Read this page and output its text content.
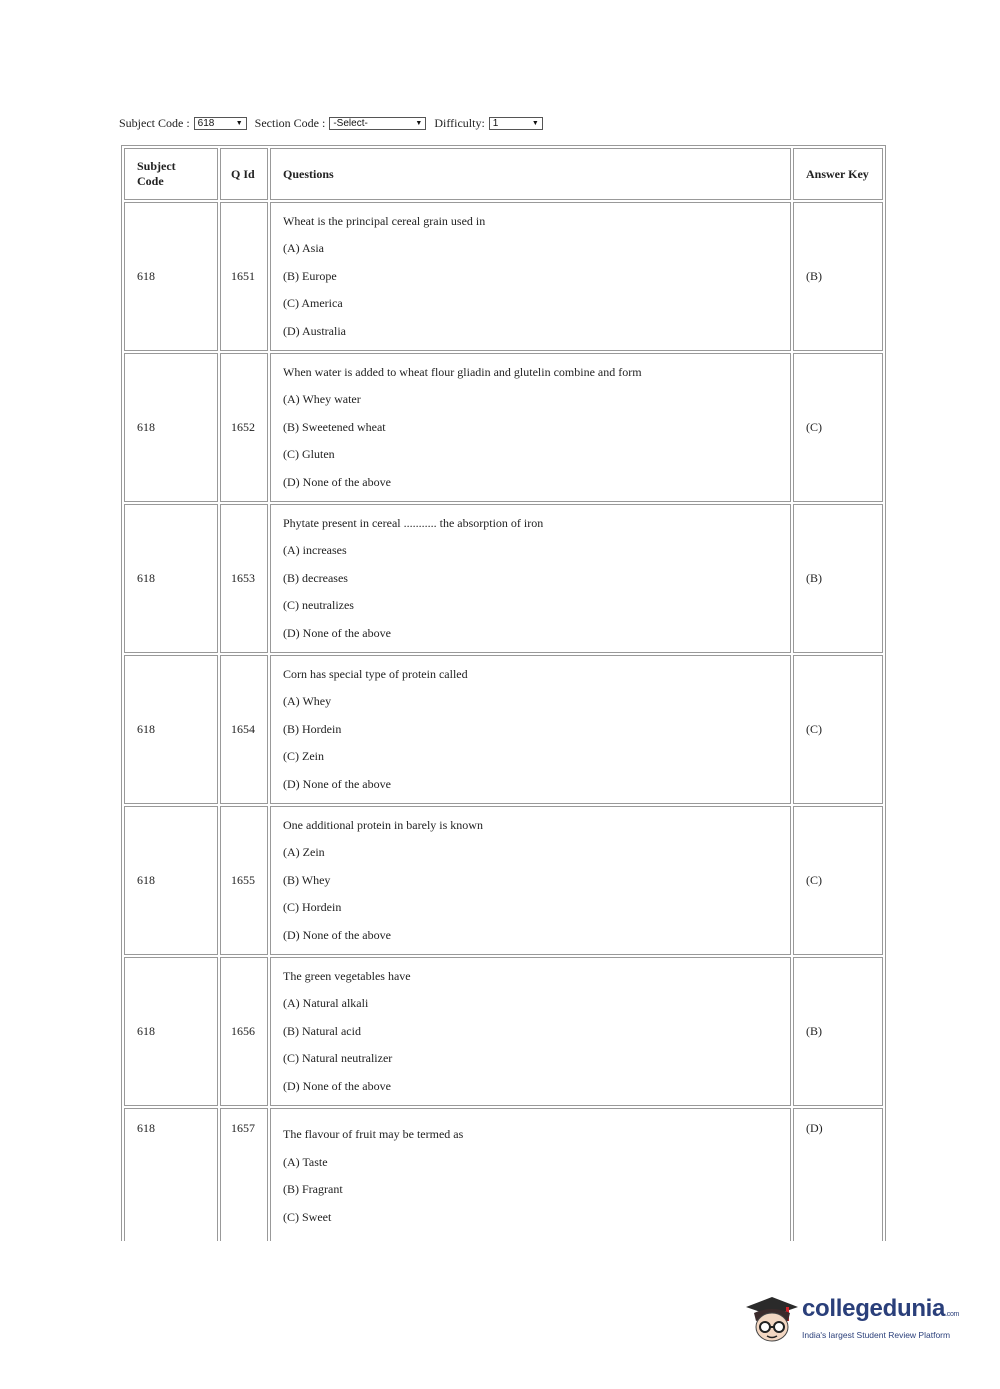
Subject Code : 618	▼ Section Code : -Select-	▼ Difficulty: 1	▼
Subject Code	Q Id	Questions	Answer Key
618	1651	Wheat is the principal cereal grain used in
(A) Asia
(B) Europe
(C) America
(D) Australia	(B)
618	1652	When water is added to wheat flour gliadin and glutelin combine and form
(A) Whey water
(B) Sweetened wheat
(C) Gluten
(D) None of the above	(C)
618	1653	Phytate present in cereal ........... the absorption of iron
(A) increases
(B) decreases
(C) neutralizes
(D) None of the above	(B)
618	1654	Corn has special type of protein called
(A) Whey
(B) Hordein
(C) Zein
(D) None of the above	(C)
618	1655	One additional protein in barely is known
(A) Zein
(B) Whey
(C) Hordein
(D) None of the above	(C)
618	1656	The green vegetables have
(A) Natural alkali
(B) Natural acid
(C) Natural neutralizer
(D) None of the above	(B)
618	1657	The flavour of fruit may be termed as
(A) Taste
(B) Fragrant
(C) Sweet	(D)
collegedunia.com
India's largest Student Review Platform
